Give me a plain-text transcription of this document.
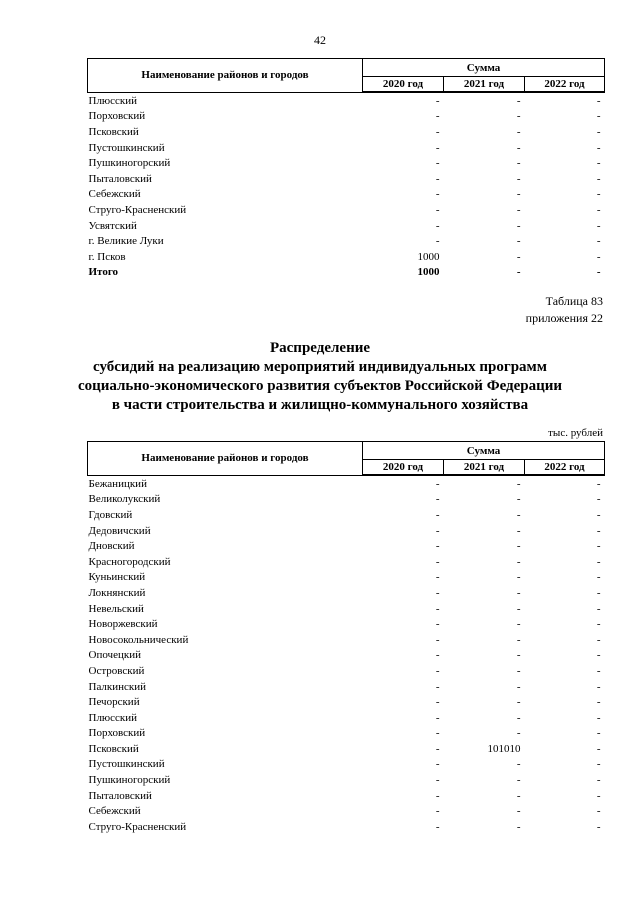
42
Наименование районов и городов	Сумма		
	2020 год	2021 год	2022 год
Плюсский	-	-	-
Порховский	-	-	-
Псковский	-	-	-
Пустошкинский	-	-	-
Пушкиногорский	-	-	-
Пыталовский	-	-	-
Себежский	-	-	-
Струго-Красненский	-	-	-
Усвятский	-	-	-
г. Великие Луки	-	-	-
г. Псков	1000	-	-
Итого	1000	-	-
Таблица 83
приложения 22
Распределение
субсидий на реализацию мероприятий индивидуальных программ
социально-экономического развития субъектов Российской Федерации
в части строительства и жилищно-коммунального хозяйства
тыс. рублей
Наименование районов и городов	Сумма		
	2020 год	2021 год	2022 год
Бежаницкий	-	-	-
Великолукский	-	-	-
Гдовский	-	-	-
Дедовичский	-	-	-
Дновский	-	-	-
Красногородский	-	-	-
Куньинский	-	-	-
Локнянский	-	-	-
Невельский	-	-	-
Новоржевский	-	-	-
Новосокольнический	-	-	-
Опочецкий	-	-	-
Островский	-	-	-
Палкинский	-	-	-
Печорский	-	-	-
Плюсский	-	-	-
Порховский	-	-	-
Псковский	-	101010	-
Пустошкинский	-	-	-
Пушкиногорский	-	-	-
Пыталовский	-	-	-
Себежский	-	-	-
Струго-Красненский	-	-	-
